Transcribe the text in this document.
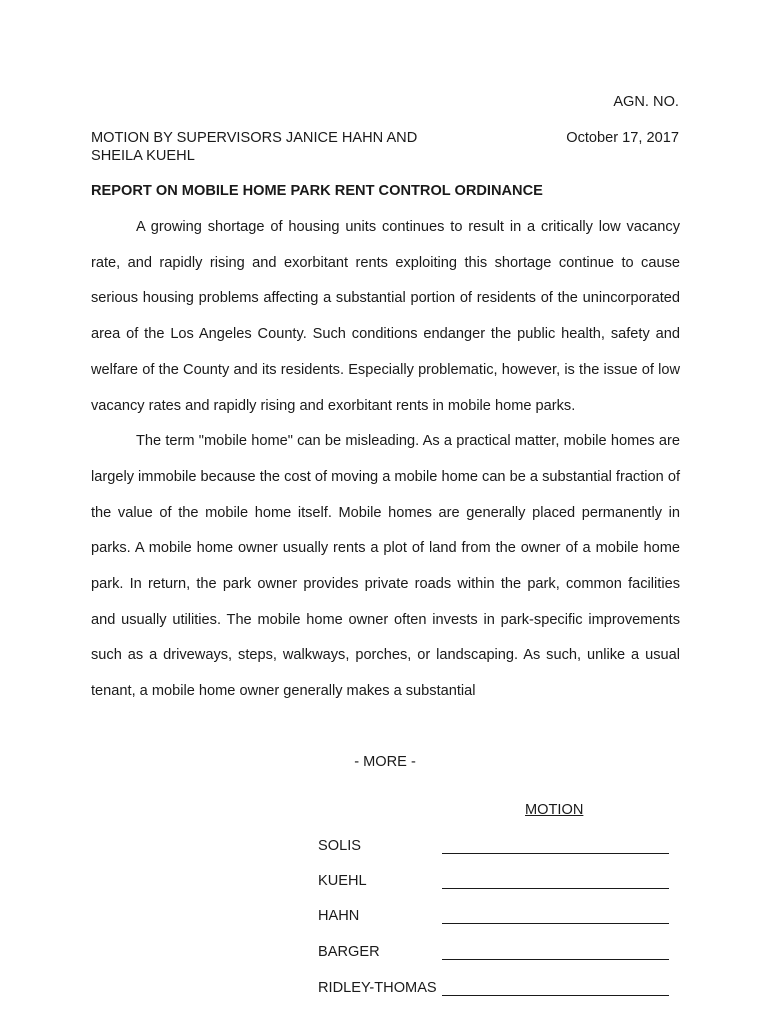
AGN. NO.
MOTION BY SUPERVISORS JANICE HAHN AND SHEILA KUEHL
October 17, 2017
REPORT ON MOBILE HOME PARK RENT CONTROL ORDINANCE

A growing shortage of housing units continues to result in a critically low vacancy rate, and rapidly rising and exorbitant rents exploiting this shortage continue to cause serious housing problems affecting a substantial portion of residents of the unincorporated area of the Los Angeles County. Such conditions endanger the public health, safety and welfare of the County and its residents. Especially problematic, however, is the issue of low vacancy rates and rapidly rising and exorbitant rents in mobile home parks.

The term "mobile home" can be misleading. As a practical matter, mobile homes are largely immobile because the cost of moving a mobile home can be a substantial fraction of the value of the mobile home itself. Mobile homes are generally placed permanently in parks. A mobile home owner usually rents a plot of land from the owner of a mobile home park. In return, the park owner provides private roads within the park, common facilities and usually utilities. The mobile home owner often invests in park-specific improvements such as a driveways, steps, walkways, porches, or landscaping. As such, unlike a usual tenant, a mobile home owner generally makes a substantial

- MORE -
MOTION
SOLIS
KUEHL
HAHN
BARGER
RIDLEY-THOMAS
